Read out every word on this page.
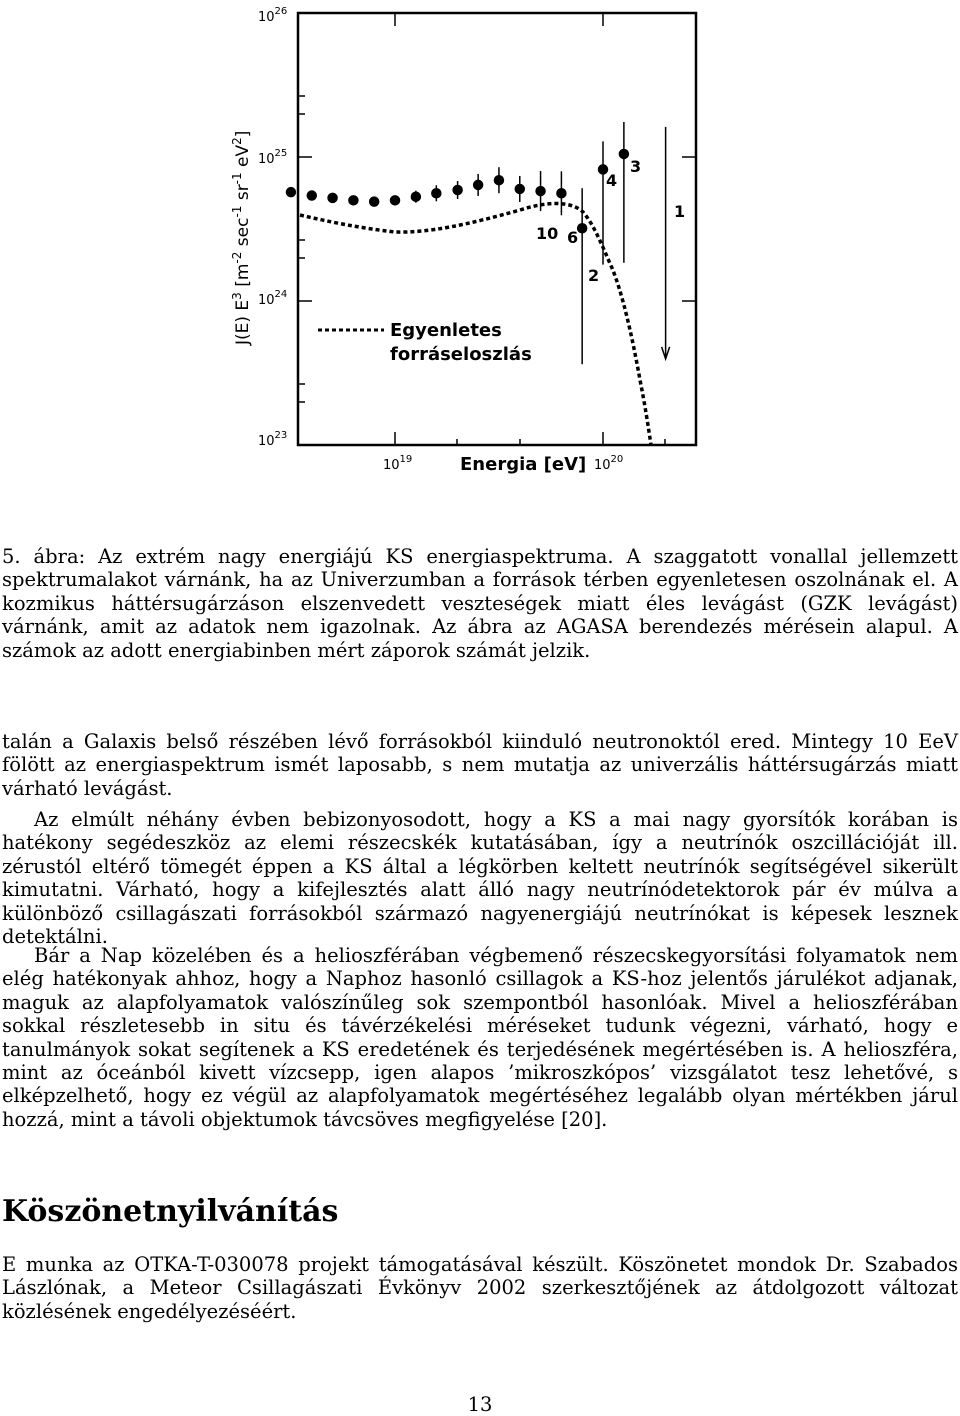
$10^{26}$
$10^{25}$
$10^{24}$
$10^{23}$
$10^{19}$	$10^{20}$
Energia [eV]
J(E) $E^3$ [$m^{-2}$ $\sec^{-1} sr^{-1}$ $eV^2$]
Egyenletes
forráseloszlás
4
3
1
10 6
2

5. ábra: Az extrém nagy energiájú KS energiaspektruma. A szaggatott vonallal jellemzett spektrumalakot várnánk, ha az Univerzumban a források térben egyenletesen oszolnának el. A kozmikus háttérsugárzáson elszenvedett veszteségek miatt éles levágást (GZK levágást) várnánk, amit az adatok nem igazolnak. Az ábra az AGASA berendezés mérésein alapul. A számok az adott energiabinben mért záporok számát jelzik.

talán a Galaxis belső részében lévő forrásokból kiinduló neutronoktól ered. Mintegy 10 EeV fölött az energiaspektrum ismét laposabb, s nem mutatja az univerzális háttérsugárzás miatt várható levágást.

Az elmúlt néhány évben bebizonyosodott, hogy a KS a mai nagy gyorsítók korában is hatékony segédeszköz az elemi részecskék kutatásában, így a neutrínók oszcillációját ill. zérustól eltérő tömegét éppen a KS által a légkörben keltett neutrínók segítségével sikerült kimutatni. Várható, hogy a kifejlesztés alatt álló nagy neutrínódetektorok pár év múlva a különböző csillagászati forrásokból származó nagyenergiájú neutrínókat is képesek lesznek detektálni.

Bár a Nap közelében és a helioszférában végbemenő részecskegyorsítási folyamatok nem elég hatékonyak ahhoz, hogy a Naphoz hasonló csillagok a KS-hoz jelentős járulékot adjanak, maguk az alapfolyamatok valószínűleg sok szempontból hasonlóak. Mivel a helioszférában sokkal részletesebb in situ és távérzékelési méréseket tudunk végezni, várható, hogy e tanulmányok sokat segítenek a KS eredetének és terjedésének megértésében is. A helioszféra, mint az óceánból kivett vízcsepp, igen alapos ’mikroszkópos’ vizsgálatot tesz lehetővé, s elképzelhető, hogy ez végül az alapfolyamatok megértéséhez legalább olyan mértékben járul hozzá, mint a távoli objektumok távcsöves megfigyelése [20].

Köszönetnyilvánítás

E munka az OTKA-T-030078 projekt támogatásával készült. Köszönetet mondok Dr. Szabados Lászlónak, a Meteor Csillagászati Évkönyv 2002 szerkesztőjének az átdolgozott változat közlésének engedélyezéséért.

13
